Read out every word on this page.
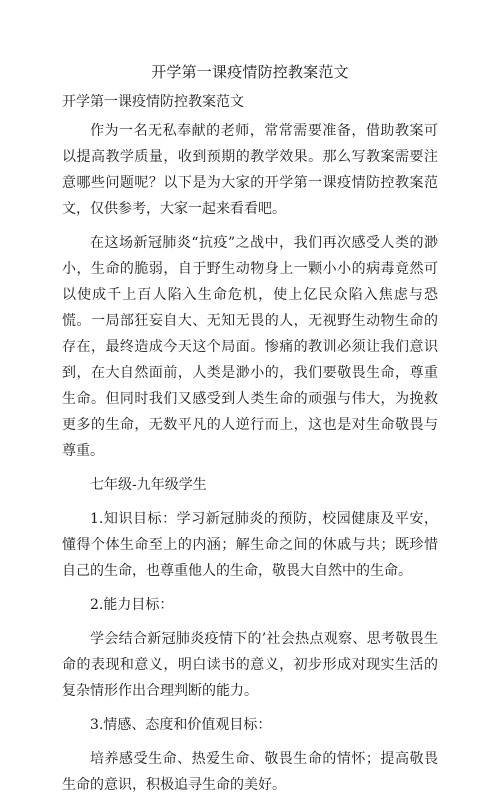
开学第一课疫情防控教案范文
开学第一课疫情防控教案范文

作为一名无私奉献的老师，常常需要准备，借助教案可以提高教学质量，收到预期的教学效果。那么写教案需要注意哪些问题呢？以下是为大家的开学第一课疫情防控教案范文，仅供参考，大家一起来看看吧。

在这场新冠肺炎“抗疫”之战中，我们再次感受人类的渺小，生命的脆弱，自于野生动物身上一颗小小的病毒竟然可以使成千上百人陷入生命危机，使上亿民众陷入焦虑与恐慌。一局部狂妄自大、无知无畏的人，无视野生动物生命的存在，最终造成今天这个局面。惨痛的教训必须让我们意识到，在大自然面前，人类是渺小的，我们要敬畏生命，尊重生命。但同时我们又感受到人类生命的顽强与伟大，为挽救更多的生命，无数平凡的人逆行而上，这也是对生命敬畏与尊重。

七年级-九年级学生

1.知识目标：学习新冠肺炎的预防，校园健康及平安，懂得个体生命至上的内涵；解生命之间的休戚与共；既珍惜自己的生命，也尊重他人的生命，敬畏大自然中的生命。

2.能力目标：

学会结合新冠肺炎疫情下的’社会热点观察、思考敬畏生命的表现和意义，明白读书的意义，初步形成对现实生活的复杂情形作出合理判断的能力。

3.情感、态度和价值观目标：

培养感受生命、热爱生命、敬畏生命的情怀；提高敬畏生命的意识，积极追寻生命的美好。
